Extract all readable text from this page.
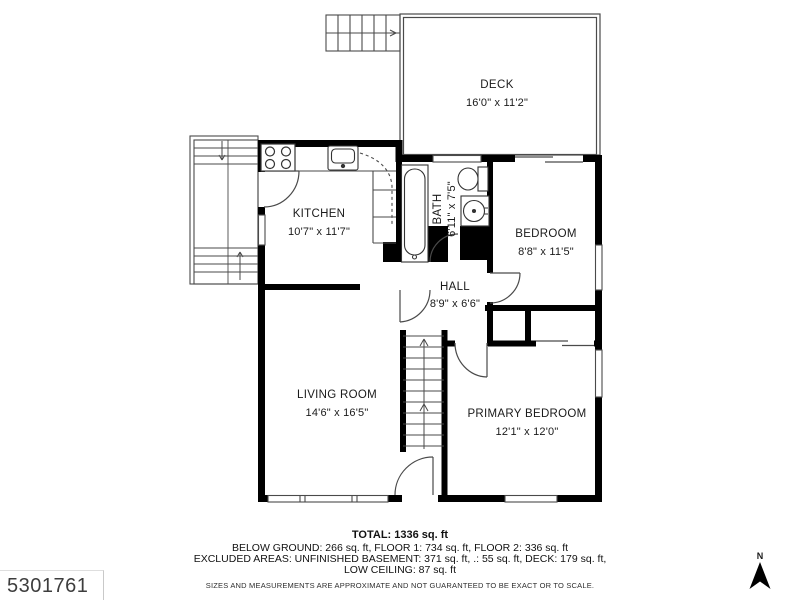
DECK
16'0" x 11'2"
KITCHEN
10'7" x 11'7"
BATH 6'11" x 7'5"	BEDROOM
8'8" x 11'5"
HALL
8'9" x 6'6"
LIVING ROOM
14'6" x 16'5"	PRIMARY BEDROOM
12'1" x 12'0"
N
TOTAL: 1336 sq. ft
BELOW GROUND: 266 sq. ft, FLOOR 1: 734 sq. ft, FLOOR 2: 336 sq. ft
EXCLUDED AREAS: UNFINISHED BASEMENT: 371 sq. ft, .: 55 sq. ft, DECK: 179 sq. ft,
LOW CEILING: 87 sq. ft
SIZES AND MEASUREMENTS ARE APPROXIMATE AND NOT GUARANTEED TO BE EXACT OR TO SCALE.
5301761
